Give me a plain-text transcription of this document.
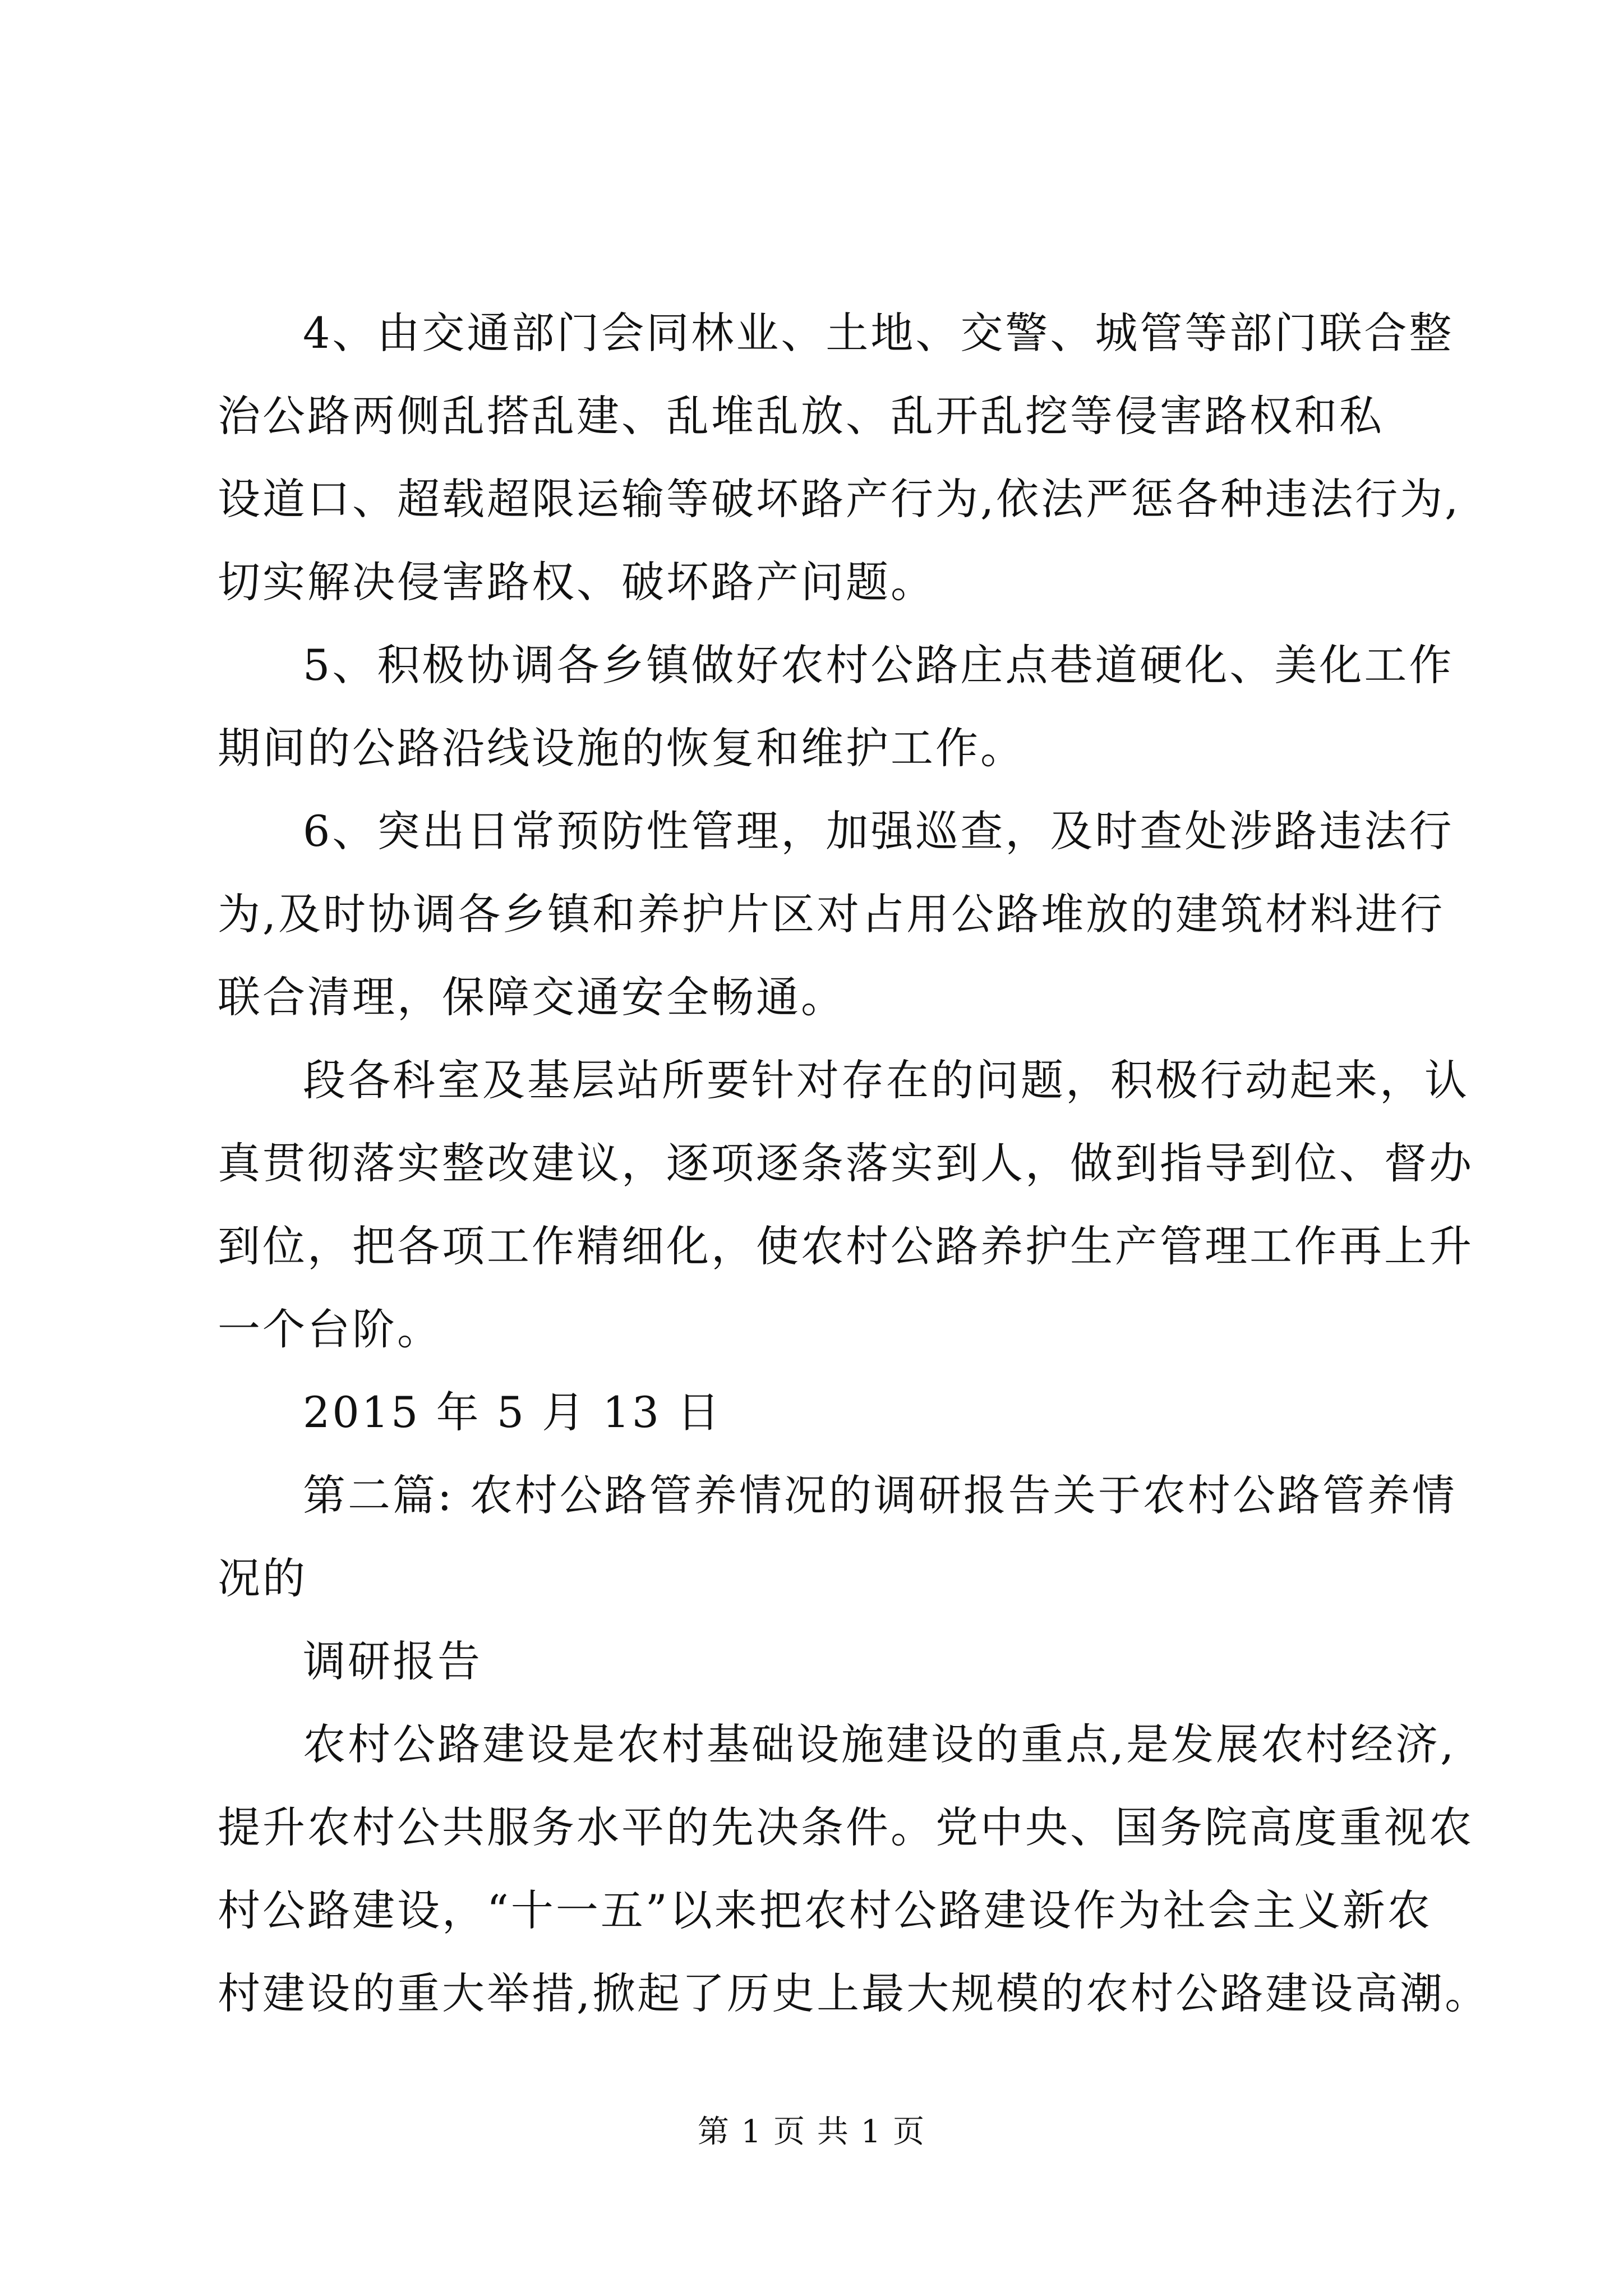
4、由交通部门会同林业、土地、交警、城管等部门联合整
治公路两侧乱搭乱建、乱堆乱放、乱开乱挖等侵害路权和私
设道口、超载超限运输等破坏路产行为,依法严惩各种违法行为,
切实解决侵害路权、破坏路产问题。
5、积极协调各乡镇做好农村公路庄点巷道硬化、美化工作
期间的公路沿线设施的恢复和维护工作。
6、突出日常预防性管理，加强巡查，及时查处涉路违法行
为,及时协调各乡镇和养护片区对占用公路堆放的建筑材料进行
联合清理，保障交通安全畅通。
段各科室及基层站所要针对存在的问题，积极行动起来，认
真贯彻落实整改建议，逐项逐条落实到人，做到指导到位、督办
到位，把各项工作精细化，使农村公路养护生产管理工作再上升
一个台阶。
2015 年 5 月 13 日
第二篇: 农村公路管养情况的调研报告关于农村公路管养情
况的
调研报告
农村公路建设是农村基础设施建设的重点,是发展农村经济,
提升农村公共服务水平的先决条件。党中央、国务院高度重视农
村公路建设，“十一五”以来把农村公路建设作为社会主义新农
村建设的重大举措,掀起了历史上最大规模的农村公路建设高潮。
第 1 页 共 1 页
